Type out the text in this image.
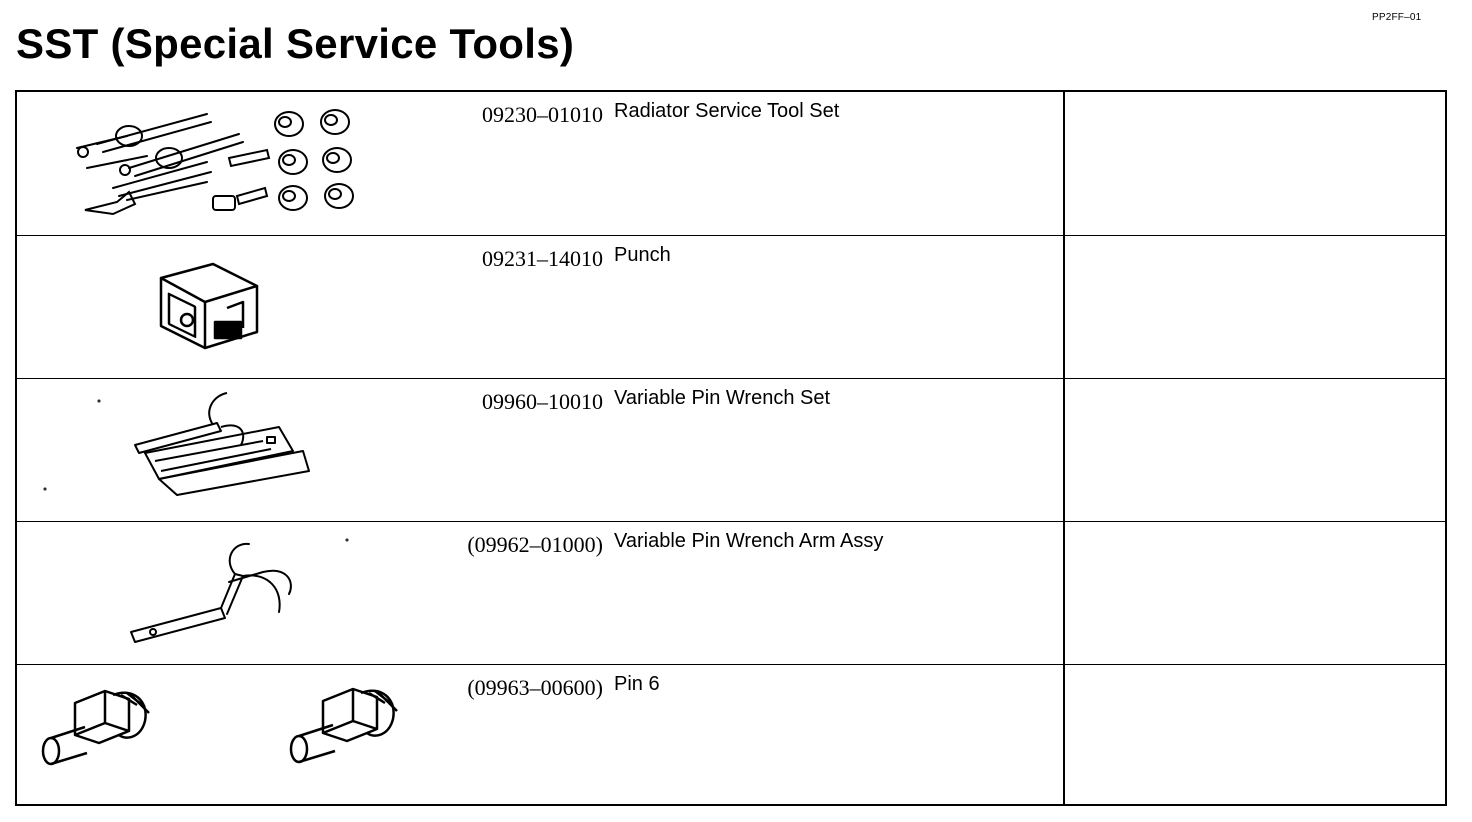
PP2FF–01
SST (Special Service Tools)
09230–01010 Radiator Service Tool Set
09231–14010 Punch
09960–10010 Variable Pin Wrench Set
(09962–01000) Variable Pin Wrench Arm Assy
(09963–00600) Pin 6
